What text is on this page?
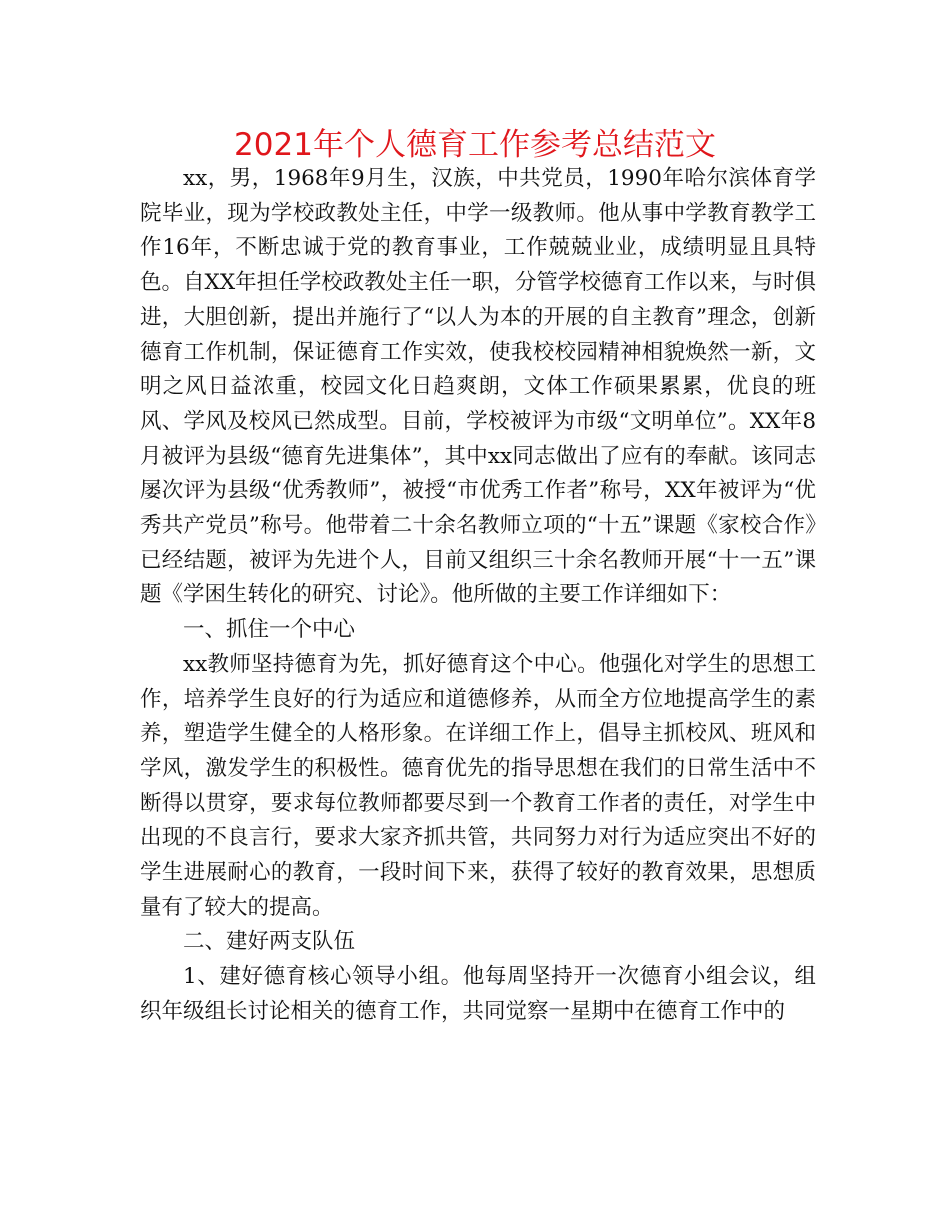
2021年个人德育工作参考总结范文

xx，男，1968年9月生，汉族，中共党员，1990年哈尔滨体育学院毕业，现为学校政教处主任，中学一级教师。他从事中学教育教学工作16年，不断忠诚于党的教育事业，工作兢兢业业，成绩明显且具特色。自XX年担任学校政教处主任一职，分管学校德育工作以来，与时俱进，大胆创新，提出并施行了“以人为本的开展的自主教育”理念，创新德育工作机制，保证德育工作实效，使我校校园精神相貌焕然一新，文明之风日益浓重，校园文化日趋爽朗，文体工作硕果累累，优良的班风、学风及校风已然成型。目前，学校被评为市级“文明单位”。XX年8月被评为县级“德育先进集体”，其中xx同志做出了应有的奉献。该同志屡次评为县级“优秀教师”，被授“市优秀工作者”称号，XX年被评为“优秀共产党员”称号。他带着二十余名教师立项的“十五”课题《家校合作》已经结题，被评为先进个人，目前又组织三十余名教师开展“十一五”课题《学困生转化的研究、讨论》。他所做的主要工作详细如下：

一、抓住一个中心

xx教师坚持德育为先，抓好德育这个中心。他强化对学生的思想工作，培养学生良好的行为适应和道德修养，从而全方位地提高学生的素养，塑造学生健全的人格形象。在详细工作上，倡导主抓校风、班风和学风，激发学生的积极性。德育优先的指导思想在我们的日常生活中不断得以贯穿，要求每位教师都要尽到一个教育工作者的责任，对学生中出现的不良言行，要求大家齐抓共管，共同努力对行为适应突出不好的学生进展耐心的教育，一段时间下来，获得了较好的教育效果，思想质量有了较大的提高。

二、建好两支队伍

1、建好德育核心领导小组。他每周坚持开一次德育小组会议，组织年级组长讨论相关的德育工作，共同觉察一星期中在德育工作中的
